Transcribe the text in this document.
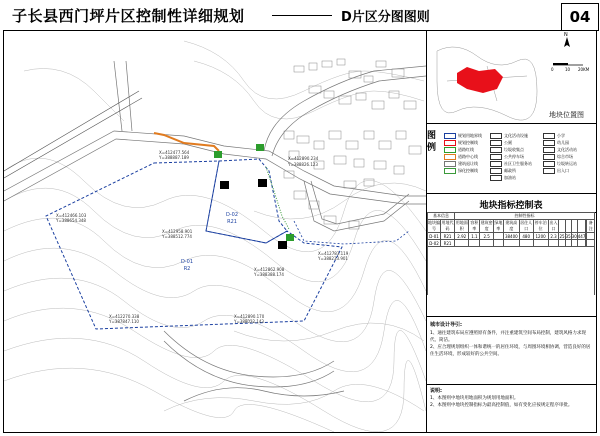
子长县西门坪片区控制性详细规划	D片区分图图则	04
D-02
R21
D-01
R2
X=412477.564
Y=388887.189	X=412890.234
Y=388826.123
X=412466.103
Y=388654.348
X=412958.901
Y=388512.774
X=412862.908
Y=388388.174
X=412783.119
Y=388233.901
X=412270.338
Y=387847.110
X=412890.170
Y=388022.143
N
0	10 20KM
地块位置图
图例
规划用地界线
规划控制线
道路红线
道路中心线
建筑退让线
绿化控制线
文化活动设施
公厕
垃圾收集点
公共停车场
社区卫生服务站
邮政所
加油站
小学
幼儿园
文化活动站
综合市场
垃圾转运站
出入口
地块指标控制表
基本信息		控制性指标												
地块编号	用地代码	用地面积	容积率	建筑密度	绿地率	建筑高度	居住人口	停车泊位	出入口						备注
D-01	R21	2.92	1.1	2.5		38400	480	1200	2.3	25	35	30	447		
D-02	R21														

城市设计导引:
1、通往建筑布局应遵照原有条件，并注重建筑空间布局控制，建筑风格力求现代、简洁。
2、应合理规划组织一体和谐统一的居住环境，与周围环境相协调，营造良好的居住生活环境，形成较好的公共空间。
说明:
1、本图则中地块用地面积为规划用地面积。
2、本图则中地块控制指标为最高控制值，如有变化应按规定程序审批。
